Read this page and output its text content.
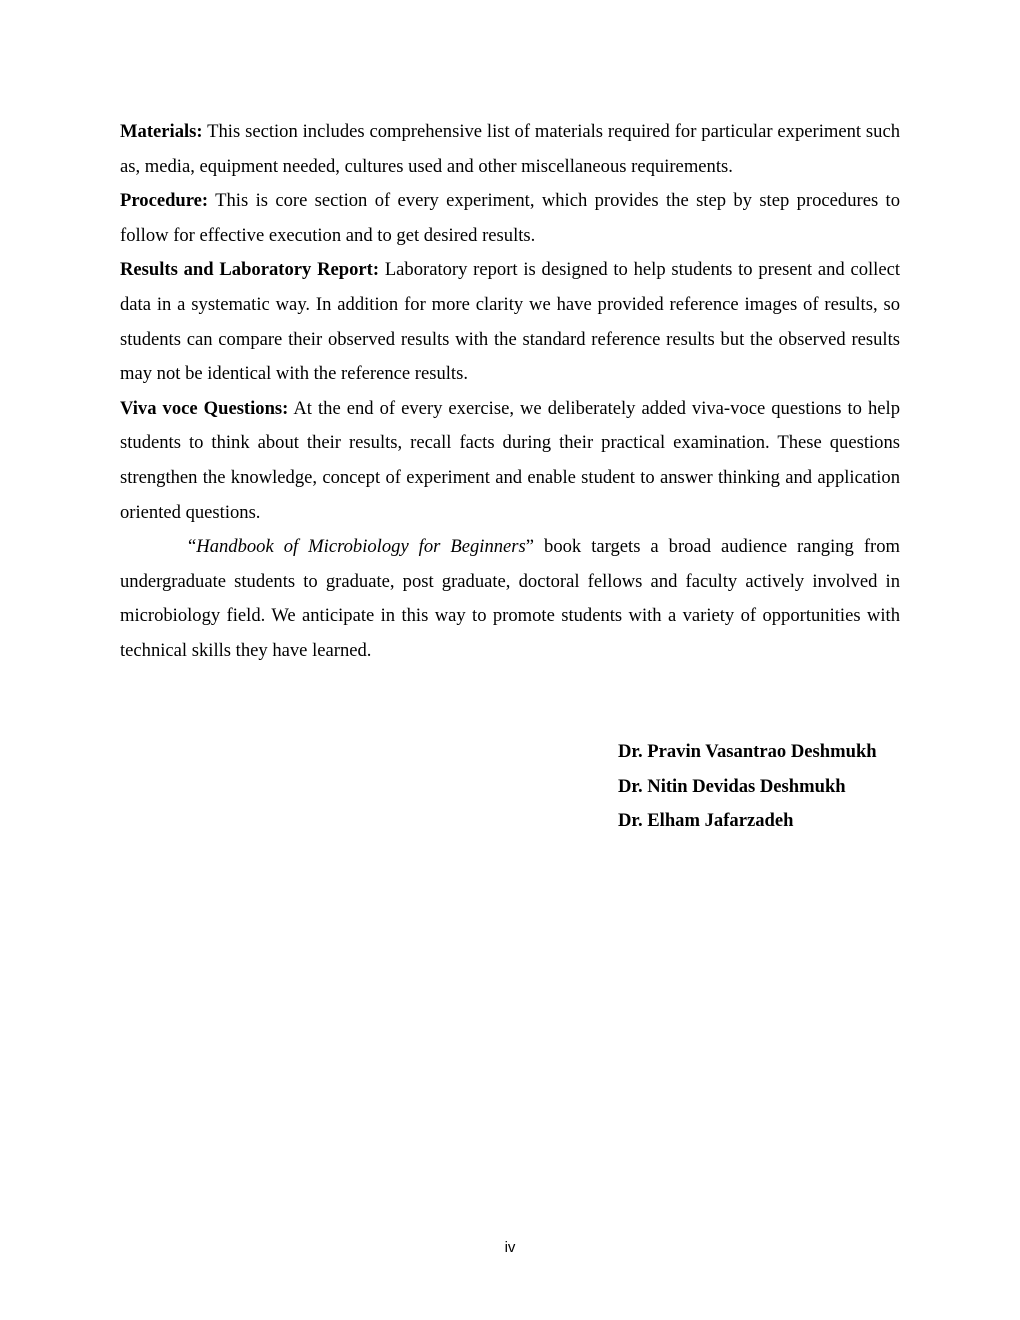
Materials: This section includes comprehensive list of materials required for particular experiment such as, media, equipment needed, cultures used and other miscellaneous requirements.

Procedure: This is core section of every experiment, which provides the step by step procedures to follow for effective execution and to get desired results.

Results and Laboratory Report: Laboratory report is designed to help students to present and collect data in a systematic way. In addition for more clarity we have provided reference images of results, so students can compare their observed results with the standard reference results but the observed results may not be identical with the reference results.

Viva voce Questions: At the end of every exercise, we deliberately added viva-voce questions to help students to think about their results, recall facts during their practical examination. These questions strengthen the knowledge, concept of experiment and enable student to answer thinking and application oriented questions.

“Handbook of Microbiology for Beginners” book targets a broad audience ranging from undergraduate students to graduate, post graduate, doctoral fellows and faculty actively involved in microbiology field. We anticipate in this way to promote students with a variety of opportunities with technical skills they have learned.

Dr. Pravin Vasantrao Deshmukh
Dr. Nitin Devidas Deshmukh
Dr. Elham Jafarzadeh
iv
